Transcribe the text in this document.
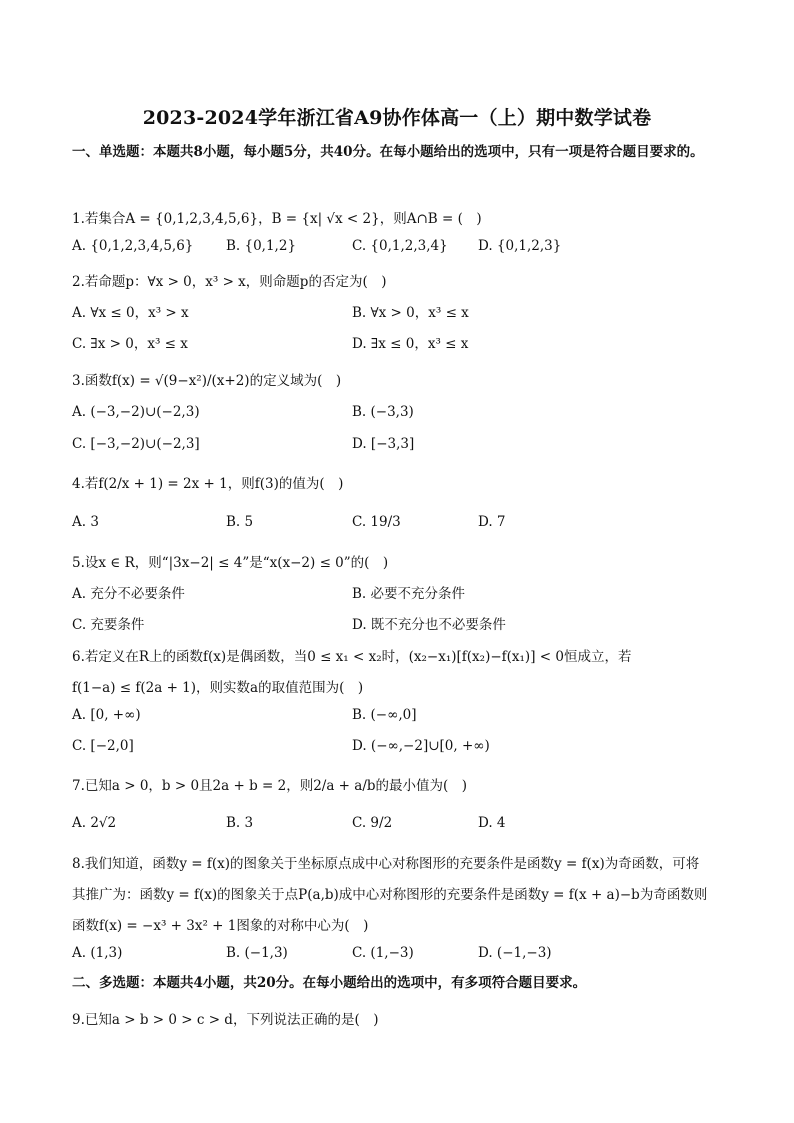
2023-2024学年浙江省A9协作体高一（上）期中数学试卷
一、单选题：本题共8小题，每小题5分，共40分。在每小题给出的选项中，只有一项是符合题目要求的。
1.若集合A = {0,1,2,3,4,5,6}，B = {x| √x < 2}，则A∩B = (　)
A. {0,1,2,3,4,5,6} B. {0,1,2}	C. {0,1,2,3,4} D. {0,1,2,3}
2.若命题p：∀x > 0，x³ > x，则命题p的否定为(　)
A. ∀x ≤ 0，x³ > x	B. ∀x > 0，x³ ≤ x
C. ∃x > 0，x³ ≤ x	D. ∃x ≤ 0，x³ ≤ x
3.函数f(x) = √(9−x²)/(x+2)的定义域为(　)
A. (−3,−2)∪(−2,3)	B. (−3,3)
C. [−3,−2)∪(−2,3]	D. [−3,3]
4.若f(2/x + 1) = 2x + 1，则f(3)的值为(　)
A. 3	B. 5	C. 19/3	D. 7
5.设x ∈ R，则“|3x−2| ≤ 4”是“x(x−2) ≤ 0”的(　)
A. 充分不必要条件	B. 必要不充分条件
C. 充要条件	D. 既不充分也不必要条件
6.若定义在R上的函数f(x)是偶函数，当0 ≤ x₁ < x₂时，(x₂−x₁)[f(x₂)−f(x₁)] < 0恒成立，若
f(1−a) ≤ f(2a + 1)，则实数a的取值范围为(　)
A. [0, +∞)	B. (−∞,0]
C. [−2,0]	D. (−∞,−2]∪[0, +∞)
7.已知a > 0，b > 0且2a + b = 2，则2/a + a/b的最小值为(　)
A. 2√2	B. 3	C. 9/2	D. 4
8.我们知道，函数y = f(x)的图象关于坐标原点成中心对称图形的充要条件是函数y = f(x)为奇函数，可将
其推广为：函数y = f(x)的图象关于点P(a,b)成中心对称图形的充要条件是函数y = f(x + a)−b为奇函数则
函数f(x) = −x³ + 3x² + 1图象的对称中心为(　)
A. (1,3)	B. (−1,3)	C. (1,−3)	D. (−1,−3)
二、多选题：本题共4小题，共20分。在每小题给出的选项中，有多项符合题目要求。
9.已知a > b > 0 > c > d，下列说法正确的是(　)
